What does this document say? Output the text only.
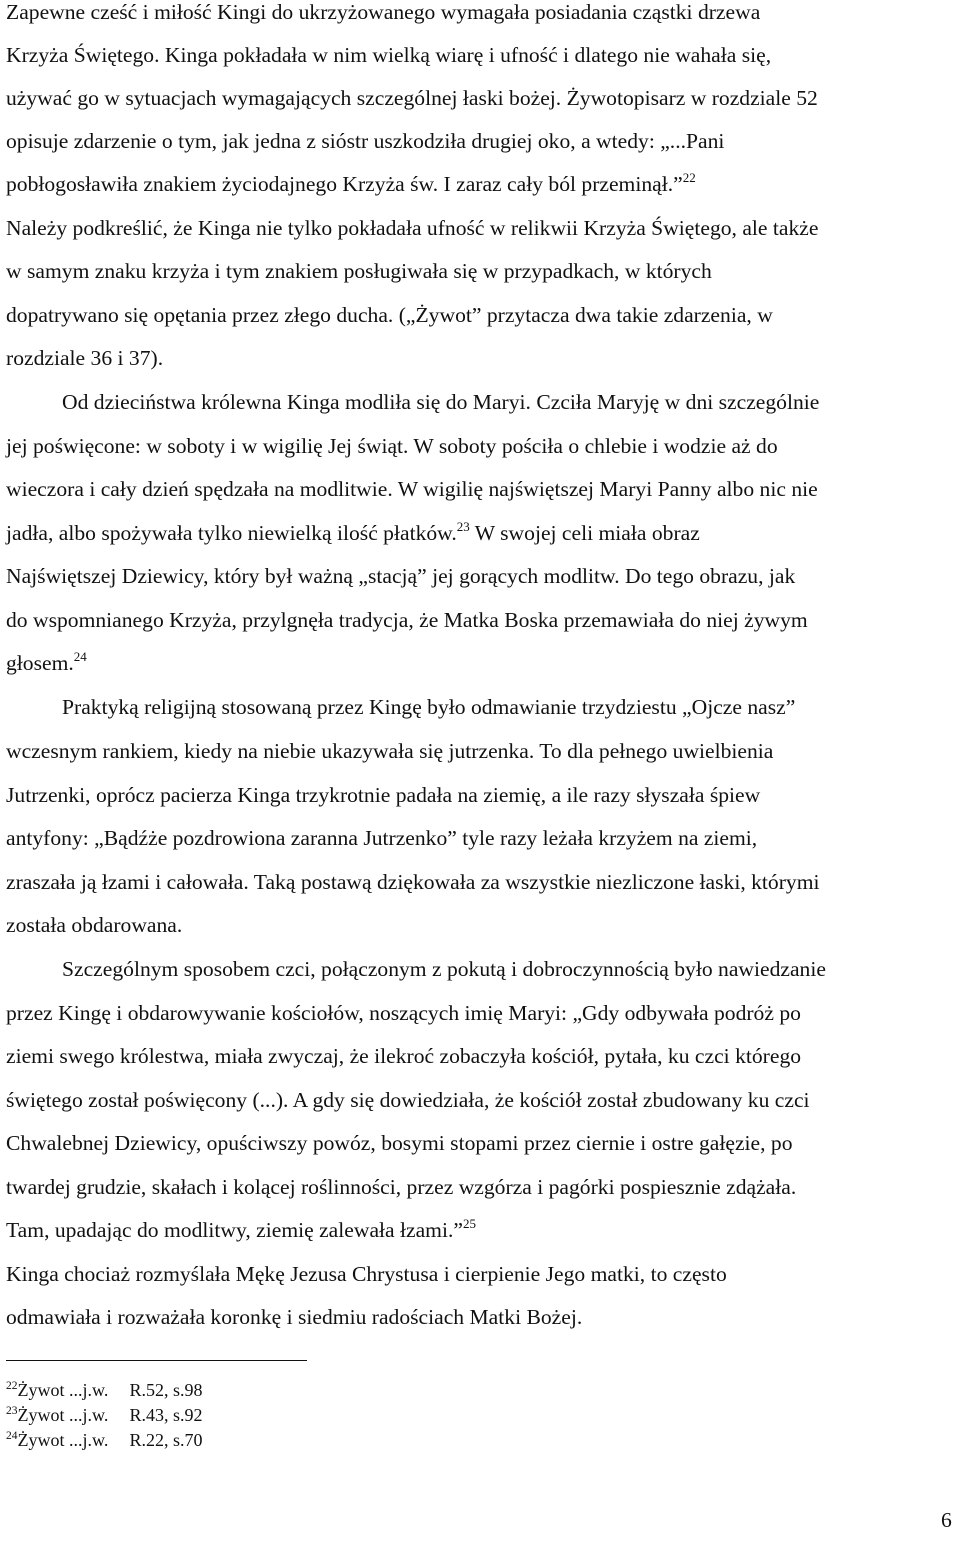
Zapewne cześć i miłość Kingi do ukrzyżowanego wymagała posiadania cząstki drzewa
Krzyża Świętego. Kinga pokładała w nim wielką wiarę i ufność i dlatego nie wahała się,
używać go w sytuacjach wymagających szczególnej łaski bożej. Żywotopisarz w rozdziale 52
opisuje zdarzenie o tym, jak jedna z sióstr uszkodziła drugiej oko, a wtedy: „...Pani
pobłogosławiła znakiem życiodajnego Krzyża św. I zaraz cały ból przeminął.”$^{22}$
Należy podkreślić, że Kinga nie tylko pokładała ufność w relikwii Krzyża Świętego, ale także
w samym znaku krzyża i tym znakiem posługiwała się w przypadkach, w których
dopatrywano się opętania przez złego ducha. („Żywot” przytacza dwa takie zdarzenia, w
rozdziale 36 i 37).
Od dzieciństwa królewna Kinga modliła się do Maryi. Czciła Maryję w dni szczególnie
jej poświęcone: w soboty i w wigilię Jej świąt. W soboty pościła o chlebie i wodzie aż do
wieczora i cały dzień spędzała na modlitwie. W wigilię najświętszej Maryi Panny albo nic nie
jadła, albo spożywała tylko niewielką ilość płatków.$^{23}$ W swojej celi miała obraz
Najświętszej Dziewicy, który był ważną „stacją” jej gorących modlitw. Do tego obrazu, jak
do wspomnianego Krzyża, przylgnęła tradycja, że Matka Boska przemawiała do niej żywym
głosem.$^{24}$
Praktyką religijną stosowaną przez Kingę było odmawianie trzydziestu „Ojcze nasz”
wczesnym rankiem, kiedy na niebie ukazywała się jutrzenka. To dla pełnego uwielbienia
Jutrzenki, oprócz pacierza Kinga trzykrotnie padała na ziemię, a ile razy słyszała śpiew
antyfony: „Bądźże pozdrowiona zaranna Jutrzenko” tyle razy leżała krzyżem na ziemi,
zraszała ją łzami i całowała. Taką postawą dziękowała za wszystkie niezliczone łaski, którymi
została obdarowana.
Szczególnym sposobem czci, połączonym z pokutą i dobroczynnością było nawiedzanie
przez Kingę i obdarowywanie kościołów, noszących imię Maryi: „Gdy odbywała podróż po
ziemi swego królestwa, miała zwyczaj, że ilekroć zobaczyła kościół, pytała, ku czci którego
świętego został poświęcony (...). A gdy się dowiedziała, że kościół został zbudowany ku czci
Chwalebnej Dziewicy, opuściwszy powóz, bosymi stopami przez ciernie i ostre gałęzie, po
twardej grudzie, skałach i kolącej roślinności, przez wzgórza i pagórki pospiesznie zdążała.
Tam, upadając do modlitwy, ziemię zalewała łzami.”$^{25}$
Kinga chociaż rozmyślała Mękę Jezusa Chrystusa i cierpienie Jego matki, to często
odmawiała i rozważała koronkę i siedmiu radościach Matki Bożej.
$^{22}$Żywot ...j.w. R.52, s.98
$^{23}$Żywot ...j.w. R.43, s.92
$^{24}$Żywot ...j.w. R.22, s.70
6
